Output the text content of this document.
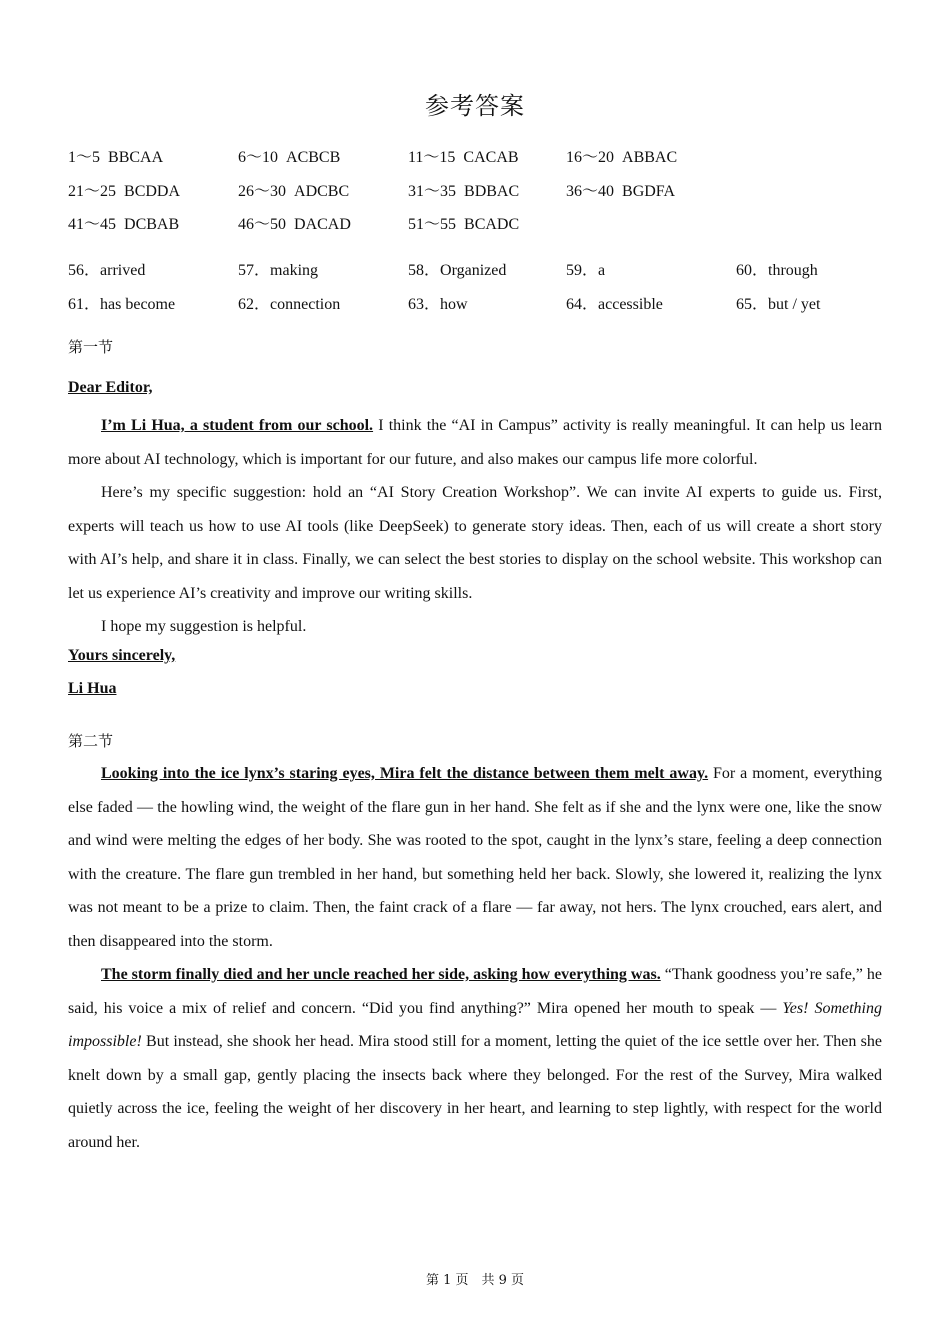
参考答案
1～5 BBCAA	6～10 ACBCB	11～15 CACAB	16～20 ABBAC
21～25 BCDDA	26～30 ADCBC	31～35 BDBAC	36～40 BGDFA
41～45 DCBAB	46～50 DACAD	51～55 BCADC
56．arrived	57．making	58．Organized	59．a	60．through
61．has become	62．connection	63．how	64．accessible	65．but / yet
第一节
Dear Editor,

I’m Li Hua, a student from our school. I think the “AI in Campus” activity is really meaningful. It can help us learn more about AI technology, which is important for our future, and also makes our campus life more colorful.

Here’s my specific suggestion: hold an “AI Story Creation Workshop”. We can invite AI experts to guide us. First, experts will teach us how to use AI tools (like DeepSeek) to generate story ideas. Then, each of us will create a short story with AI’s help, and share it in class. Finally, we can select the best stories to display on the school website. This workshop can let us experience AI’s creativity and improve our writing skills.

I hope my suggestion is helpful.

Yours sincerely,
Li Hua
第二节

Looking into the ice lynx’s staring eyes, Mira felt the distance between them melt away. For a moment, everything else faded — the howling wind, the weight of the flare gun in her hand. She felt as if she and the lynx were one, like the snow and wind were melting the edges of her body. She was rooted to the spot, caught in the lynx’s stare, feeling a deep connection with the creature. The flare gun trembled in her hand, but something held her back. Slowly, she lowered it, realizing the lynx was not meant to be a prize to claim. Then, the faint crack of a flare — far away, not hers. The lynx crouched, ears alert, and then disappeared into the storm.

The storm finally died and her uncle reached her side, asking how everything was. “Thank goodness you’re safe,” he said, his voice a mix of relief and concern. “Did you find anything?” Mira opened her mouth to speak — Yes! Something impossible! But instead, she shook her head. Mira stood still for a moment, letting the quiet of the ice settle over her. Then she knelt down by a small gap, gently placing the insects back where they belonged. For the rest of the Survey, Mira walked quietly across the ice, feeling the weight of her discovery in her heart, and learning to step lightly, with respect for the world around her.

第 1 页　共 9 页
